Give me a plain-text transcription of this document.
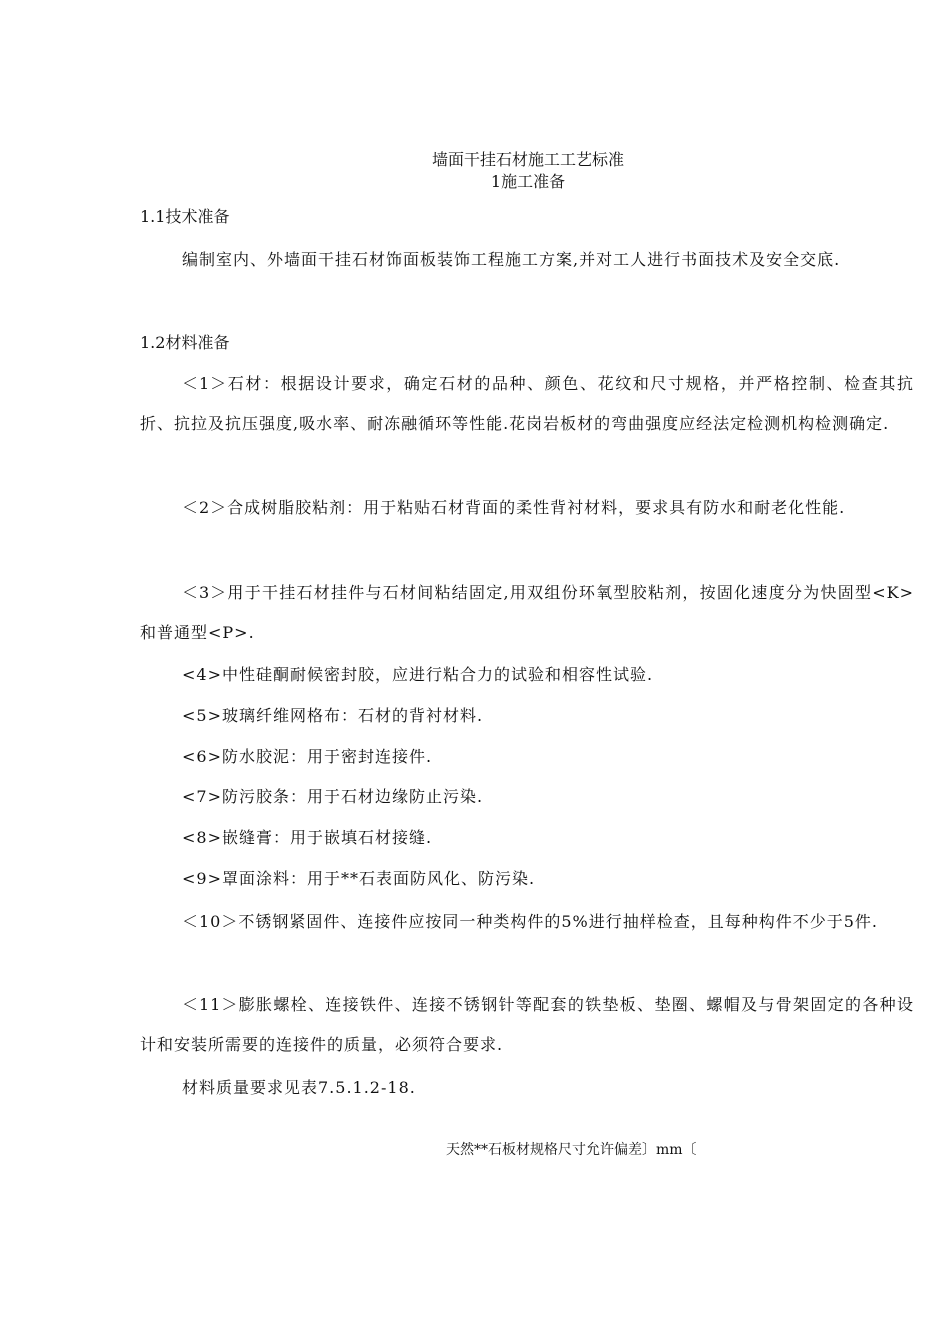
墙面干挂石材施工工艺标准
1施工准备
1.1技术准备
编制室内、外墙面干挂石材饰面板装饰工程施工方案,并对工人进行书面技术及安全交底.
1.2材料准备
＜1＞石材：根据设计要求，确定石材的品种、颜色、花纹和尺寸规格，并严格控制、检查其抗折、抗拉及抗压强度,吸水率、耐冻融循环等性能.花岗岩板材的弯曲强度应经法定检测机构检测确定.
＜2＞合成树脂胶粘剂：用于粘贴石材背面的柔性背衬材料，要求具有防水和耐老化性能.
＜3＞用于干挂石材挂件与石材间粘结固定,用双组份环氧型胶粘剂，按固化速度分为快固型<K>和普通型<P>.
<4>中性硅酮耐候密封胶，应进行粘合力的试验和相容性试验.
<5>玻璃纤维网格布：石材的背衬材料.
<6>防水胶泥：用于密封连接件.
<7>防污胶条：用于石材边缘防止污染.
<8>嵌缝膏：用于嵌填石材接缝.
<9>罩面涂料：用于**石表面防风化、防污染.
＜10＞不锈钢紧固件、连接件应按同一种类构件的5%进行抽样检查，且每种构件不少于5件.
＜11＞膨胀螺栓、连接铁件、连接不锈钢针等配套的铁垫板、垫圈、螺帽及与骨架固定的各种设计和安装所需要的连接件的质量，必须符合要求.
材料质量要求见表7.5.1.2-18.
天然**石板材规格尺寸允许偏差〕mm〔
